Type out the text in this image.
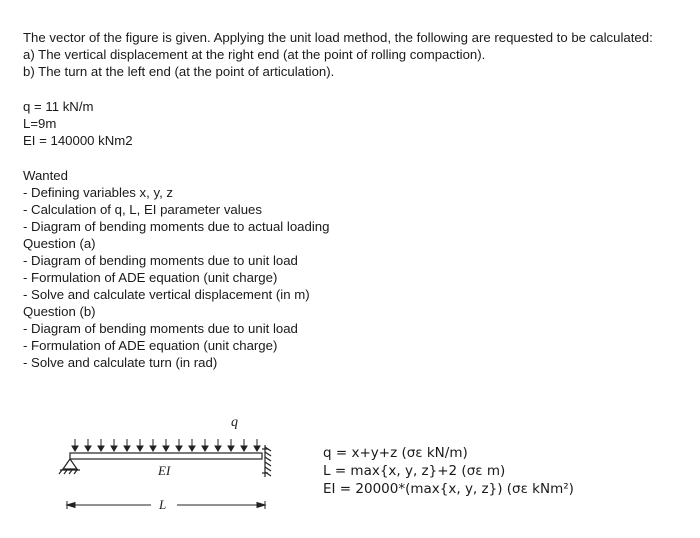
The vector of the figure is given. Applying the unit load method, the following are requested to be calculated:
a) The vertical displacement at the right end (at the point of rolling compaction).
b) The turn at the left end (at the point of articulation).
q = 11 kN/m
L=9m
EI = 140000 kNm2
Wanted
- Defining variables x, y, z
- Calculation of q, L, EI parameter values
- Diagram of bending moments due to actual loading
Question (a)
- Diagram of bending moments due to unit load
- Formulation of ADE equation (unit charge)
- Solve and calculate vertical displacement (in m)
Question (b)
- Diagram of bending moments due to unit load
- Formulation of ADE equation (unit charge)
- Solve and calculate turn (in rad)
q
EI
L
q = x+y+z (σε kN/m)
L = max{x, y, z}+2 (σε m)
EI = 20000*(max{x, y, z}) (σε kNm²)
